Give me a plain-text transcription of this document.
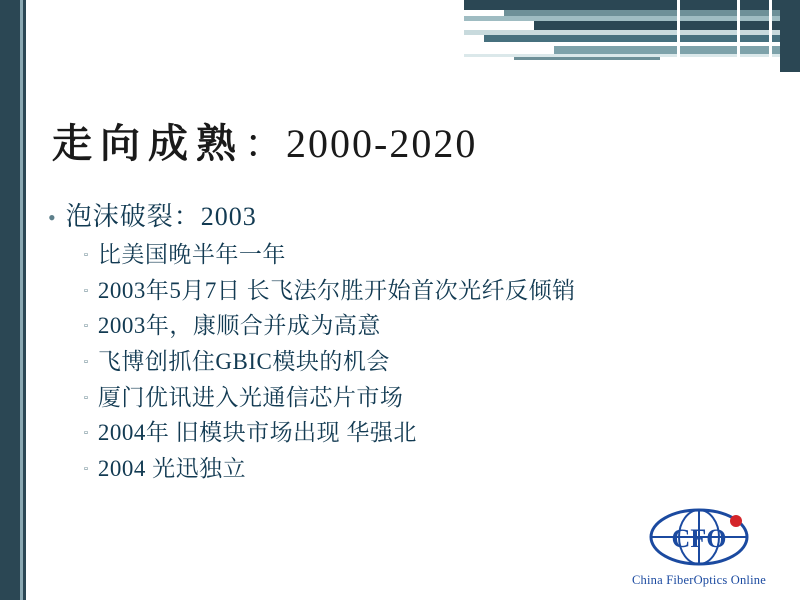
走向成熟：2000-2020
• 泡沫破裂：2003
▫ 比美国晚半年一年
▫ 2003年5月7日 长飞法尔胜开始首次光纤反倾销
▫ 2003年，康顺合并成为高意
▫ 飞博创抓住GBIC模块的机会
▫ 厦门优讯进入光通信芯片市场
▫ 2004年 旧模块市场出现 华强北
▫ 2004 光迅独立
CFO
China FiberOptics Online
